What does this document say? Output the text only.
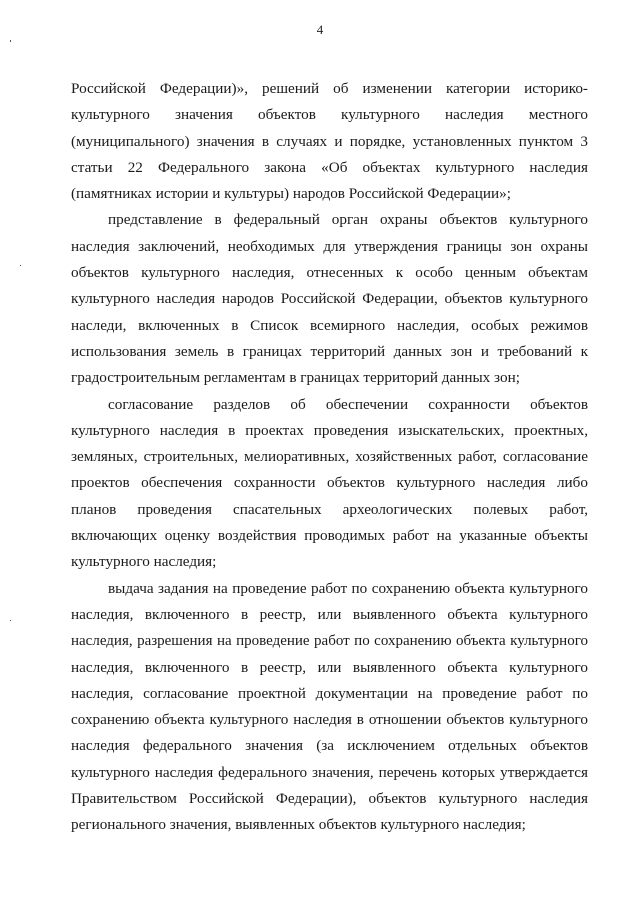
4
Российской Федерации)», решений об изменении категории историко-
культурного значения объектов культурного наследия местного
(муниципального) значения в случаях и порядке, установленных пунктом 3
статьи 22 Федерального закона «Об объектах культурного наследия
(памятниках истории и культуры) народов Российской Федерации»;
представление в федеральный орган охраны объектов культурного
наследия заключений, необходимых для утверждения границы зон охраны
объектов культурного наследия, отнесенных к особо ценным объектам
культурного наследия народов Российской Федерации, объектов культурного
наследи, включенных в Список всемирного наследия, особых режимов
использования земель в границах территорий данных зон и требований к
градостроительным регламентам в границах территорий данных зон;
согласование разделов об обеспечении сохранности объектов
культурного наследия в проектах проведения изыскательских, проектных,
земляных, строительных, мелиоративных, хозяйственных работ, согласование
проектов обеспечения сохранности объектов культурного наследия либо
планов проведения спасательных археологических полевых работ,
включающих оценку воздействия проводимых работ на указанные объекты
культурного наследия;
выдача задания на проведение работ по сохранению объекта культурного
наследия, включенного в реестр, или выявленного объекта культурного
наследия, разрешения на проведение работ по сохранению объекта культурного
наследия, включенного в реестр, или выявленного объекта культурного
наследия, согласование проектной документации на проведение работ по
сохранению объекта культурного наследия в отношении объектов культурного
наследия федерального значения (за исключением отдельных объектов
культурного наследия федерального значения, перечень которых утверждается
Правительством Российской Федерации), объектов культурного наследия
регионального значения, выявленных объектов культурного наследия;
